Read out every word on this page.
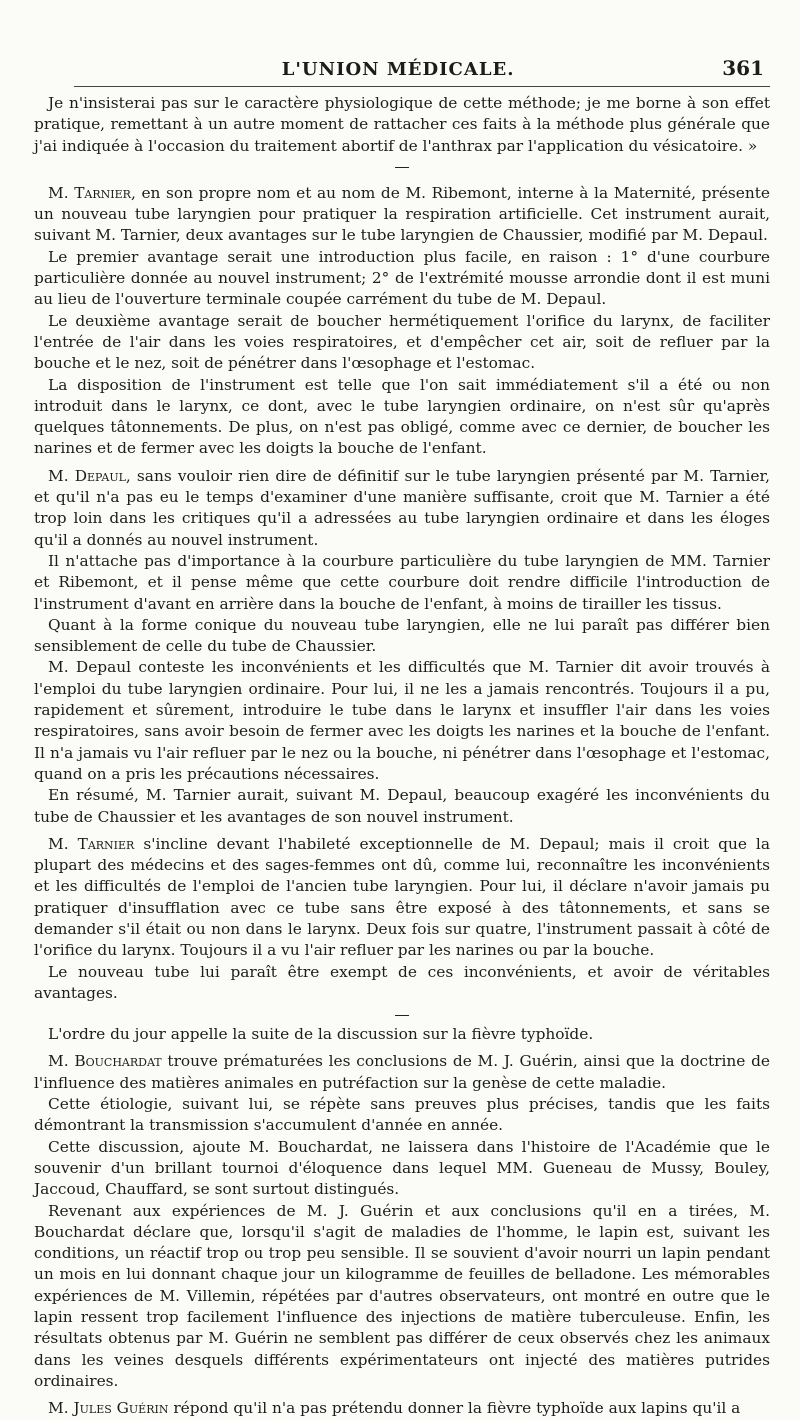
L'UNION MÉDICALE.	361

Je n'insisterai pas sur le caractère physiologique de cette méthode; je me borne à son effet pratique, remettant à un autre moment de rattacher ces faits à la méthode plus générale que j'ai indiquée à l'occasion du traitement abortif de l'anthrax par l'application du vésicatoire. »

M. Tarnier, en son propre nom et au nom de M. Ribemont, interne à la Maternité, présente un nouveau tube laryngien pour pratiquer la respiration artificielle. Cet instrument aurait, suivant M. Tarnier, deux avantages sur le tube laryngien de Chaussier, modifié par M. Depaul.

Le premier avantage serait une introduction plus facile, en raison : 1° d'une courbure particulière donnée au nouvel instrument; 2° de l'extrémité mousse arrondie dont il est muni au lieu de l'ouverture terminale coupée carrément du tube de M. Depaul.

Le deuxième avantage serait de boucher hermétiquement l'orifice du larynx, de faciliter l'entrée de l'air dans les voies respiratoires, et d'empêcher cet air, soit de refluer par la bouche et le nez, soit de pénétrer dans l'œsophage et l'estomac.

La disposition de l'instrument est telle que l'on sait immédiatement s'il a été ou non introduit dans le larynx, ce dont, avec le tube laryngien ordinaire, on n'est sûr qu'après quelques tâtonnements. De plus, on n'est pas obligé, comme avec ce dernier, de boucher les narines et de fermer avec les doigts la bouche de l'enfant.

M. Depaul, sans vouloir rien dire de définitif sur le tube laryngien présenté par M. Tarnier, et qu'il n'a pas eu le temps d'examiner d'une manière suffisante, croit que M. Tarnier a été trop loin dans les critiques qu'il a adressées au tube laryngien ordinaire et dans les éloges qu'il a donnés au nouvel instrument.

Il n'attache pas d'importance à la courbure particulière du tube laryngien de MM. Tarnier et Ribemont, et il pense même que cette courbure doit rendre difficile l'introduction de l'instrument d'avant en arrière dans la bouche de l'enfant, à moins de tirailler les tissus.

Quant à la forme conique du nouveau tube laryngien, elle ne lui paraît pas différer bien sensiblement de celle du tube de Chaussier.

M. Depaul conteste les inconvénients et les difficultés que M. Tarnier dit avoir trouvés à l'emploi du tube laryngien ordinaire. Pour lui, il ne les a jamais rencontrés. Toujours il a pu, rapidement et sûrement, introduire le tube dans le larynx et insuffler l'air dans les voies respiratoires, sans avoir besoin de fermer avec les doigts les narines et la bouche de l'enfant. Il n'a jamais vu l'air refluer par le nez ou la bouche, ni pénétrer dans l'œsophage et l'estomac, quand on a pris les précautions nécessaires.

En résumé, M. Tarnier aurait, suivant M. Depaul, beaucoup exagéré les inconvénients du tube de Chaussier et les avantages de son nouvel instrument.

M. Tarnier s'incline devant l'habileté exceptionnelle de M. Depaul; mais il croit que la plupart des médecins et des sages-femmes ont dû, comme lui, reconnaître les inconvénients et les difficultés de l'emploi de l'ancien tube laryngien. Pour lui, il déclare n'avoir jamais pu pratiquer d'insufflation avec ce tube sans être exposé à des tâtonnements, et sans se demander s'il était ou non dans le larynx. Deux fois sur quatre, l'instrument passait à côté de l'orifice du larynx. Toujours il a vu l'air refluer par les narines ou par la bouche.

Le nouveau tube lui paraît être exempt de ces inconvénients, et avoir de véritables avantages.

L'ordre du jour appelle la suite de la discussion sur la fièvre typhoïde.

M. Bouchardat trouve prématurées les conclusions de M. J. Guérin, ainsi que la doctrine de l'influence des matières animales en putréfaction sur la genèse de cette maladie.

Cette étiologie, suivant lui, se répète sans preuves plus précises, tandis que les faits démontrant la transmission s'accumulent d'année en année.

Cette discussion, ajoute M. Bouchardat, ne laissera dans l'histoire de l'Académie que le souvenir d'un brillant tournoi d'éloquence dans lequel MM. Gueneau de Mussy, Bouley, Jaccoud, Chauffard, se sont surtout distingués.

Revenant aux expériences de M. J. Guérin et aux conclusions qu'il en a tirées, M. Bouchardat déclare que, lorsqu'il s'agit de maladies de l'homme, le lapin est, suivant les conditions, un réactif trop ou trop peu sensible. Il se souvient d'avoir nourri un lapin pendant un mois en lui donnant chaque jour un kilogramme de feuilles de belladone. Les mémorables expériences de M. Villemin, répétées par d'autres observateurs, ont montré en outre que le lapin ressent trop facilement l'influence des injections de matière tuberculeuse. Enfin, les résultats obtenus par M. Guérin ne semblent pas différer de ceux observés chez les animaux dans les veines desquels différents expérimentateurs ont injecté des matières putrides ordinaires.

M. Jules Guérin répond qu'il n'a pas prétendu donner la fièvre typhoïde aux lapins qu'il a
